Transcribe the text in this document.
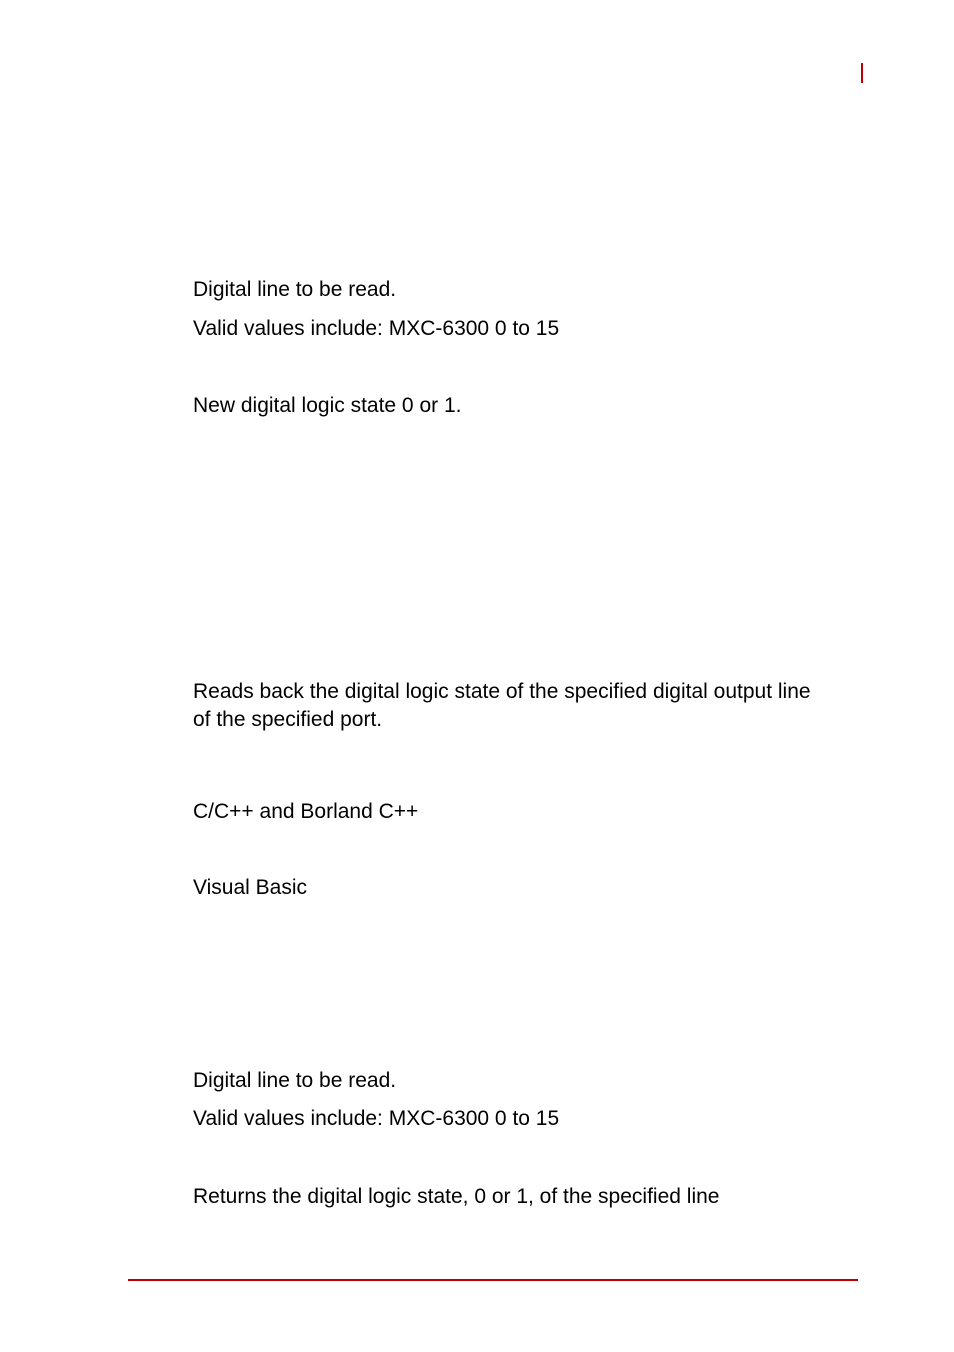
Digital line to be read.

Valid values include: MXC-6300 0 to 15

New digital logic state 0 or 1.

Reads back the digital logic state of the specified digital output line of the specified port.

C/C++ and Borland C++

Visual Basic

Digital line to be read.

Valid values include: MXC-6300 0 to 15

Returns the digital logic state, 0 or 1, of the specified line
